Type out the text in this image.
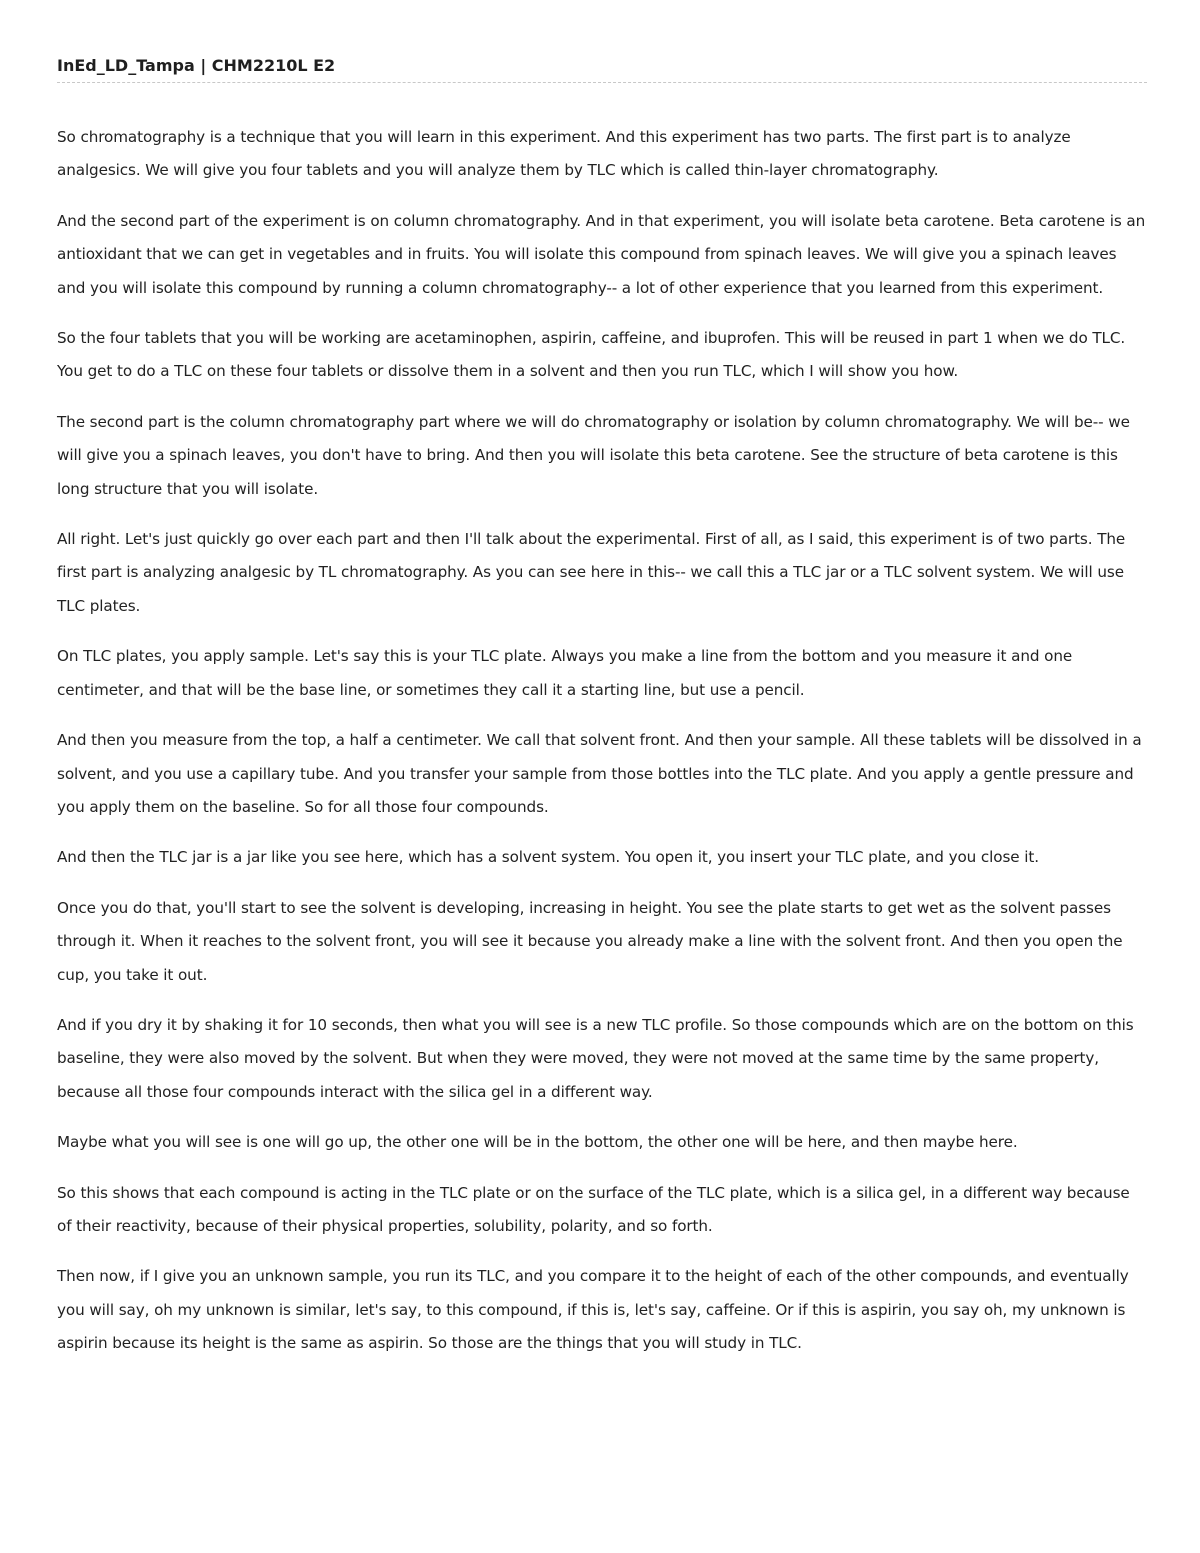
InEd_LD_Tampa | CHM2210L E2

So chromatography is a technique that you will learn in this experiment. And this experiment has two parts. The first part is to analyze analgesics. We will give you four tablets and you will analyze them by TLC which is called thin-layer chromatography.

And the second part of the experiment is on column chromatography. And in that experiment, you will isolate beta carotene. Beta carotene is an antioxidant that we can get in vegetables and in fruits. You will isolate this compound from spinach leaves. We will give you a spinach leaves and you will isolate this compound by running a column chromatography-- a lot of other experience that you learned from this experiment.

So the four tablets that you will be working are acetaminophen, aspirin, caffeine, and ibuprofen. This will be reused in part 1 when we do TLC. You get to do a TLC on these four tablets or dissolve them in a solvent and then you run TLC, which I will show you how.

The second part is the column chromatography part where we will do chromatography or isolation by column chromatography. We will be-- we will give you a spinach leaves, you don't have to bring. And then you will isolate this beta carotene. See the structure of beta carotene is this long structure that you will isolate.

All right. Let's just quickly go over each part and then I'll talk about the experimental. First of all, as I said, this experiment is of two parts. The first part is analyzing analgesic by TL chromatography. As you can see here in this-- we call this a TLC jar or a TLC solvent system. We will use TLC plates.

On TLC plates, you apply sample. Let's say this is your TLC plate. Always you make a line from the bottom and you measure it and one centimeter, and that will be the base line, or sometimes they call it a starting line, but use a pencil.

And then you measure from the top, a half a centimeter. We call that solvent front. And then your sample. All these tablets will be dissolved in a solvent, and you use a capillary tube. And you transfer your sample from those bottles into the TLC plate. And you apply a gentle pressure and you apply them on the baseline. So for all those four compounds.

And then the TLC jar is a jar like you see here, which has a solvent system. You open it, you insert your TLC plate, and you close it.

Once you do that, you'll start to see the solvent is developing, increasing in height. You see the plate starts to get wet as the solvent passes through it. When it reaches to the solvent front, you will see it because you already make a line with the solvent front. And then you open the cup, you take it out.

And if you dry it by shaking it for 10 seconds, then what you will see is a new TLC profile. So those compounds which are on the bottom on this baseline, they were also moved by the solvent. But when they were moved, they were not moved at the same time by the same property, because all those four compounds interact with the silica gel in a different way.

Maybe what you will see is one will go up, the other one will be in the bottom, the other one will be here, and then maybe here.

So this shows that each compound is acting in the TLC plate or on the surface of the TLC plate, which is a silica gel, in a different way because of their reactivity, because of their physical properties, solubility, polarity, and so forth.

Then now, if I give you an unknown sample, you run its TLC, and you compare it to the height of each of the other compounds, and eventually you will say, oh my unknown is similar, let's say, to this compound, if this is, let's say, caffeine. Or if this is aspirin, you say oh, my unknown is aspirin because its height is the same as aspirin. So those are the things that you will study in TLC.
